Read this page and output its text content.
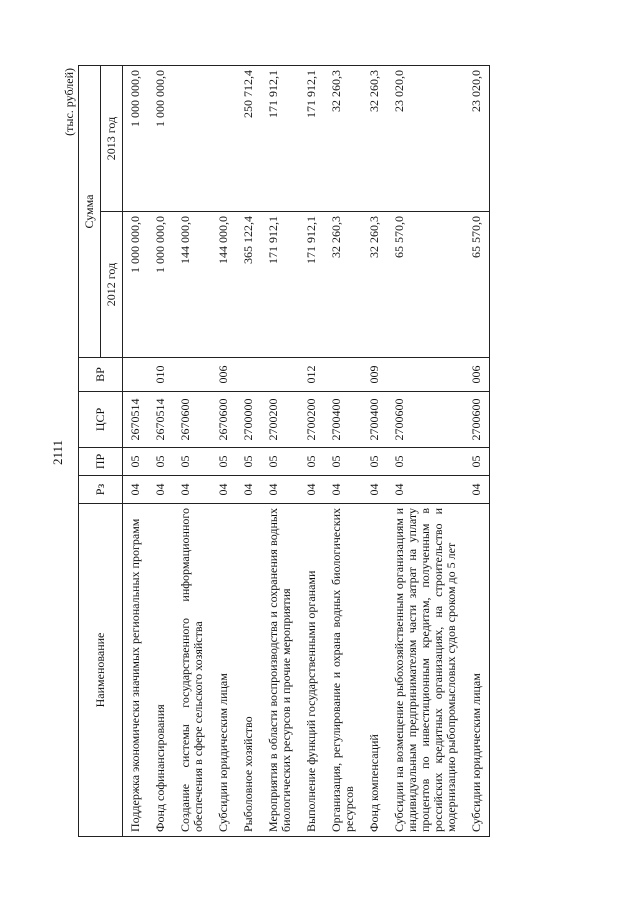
2111
(тыс. рублей)
Наименование	Рз	ПР	ЦСР	ВР	Сумма	
					2012 год	2013 год
Поддержка экономически значимых региональных программ	04	05	2670514		1 000 000,0	1 000 000,0
Фонд софинансирования	04	05	2670514	010	1 000 000,0	1 000 000,0
Создание системы государственного информационного обеспечения в сфере сельского хозяйства	04	05	2670600		144 000,0	
Субсидии юридическим лицам	04	05	2670600	006	144 000,0	
Рыболовное хозяйство	04	05	2700000		365 122,4	250 712,4
Мероприятия в области воспроизводства и сохранения водных биологических ресурсов и прочие мероприятия	04	05	2700200		171 912,1	171 912,1
Выполнение функций государственными органами	04	05	2700200	012	171 912,1	171 912,1
Организация, регулирование и охрана водных биологических ресурсов	04	05	2700400		32 260,3	32 260,3
Фонд компенсаций	04	05	2700400	009	32 260,3	32 260,3
Субсидии на возмещение рыбохозяйственным организациям и индивидуальным предпринимателям части затрат на уплату процентов по инвестиционным кредитам, полученным в российских кредитных организациях, на строительство и модернизацию рыбопромысловых судов сроком до 5 лет	04	05	2700600		65 570,0	23 020,0
Субсидии юридическим лицам	04	05	2700600	006	65 570,0	23 020,0
